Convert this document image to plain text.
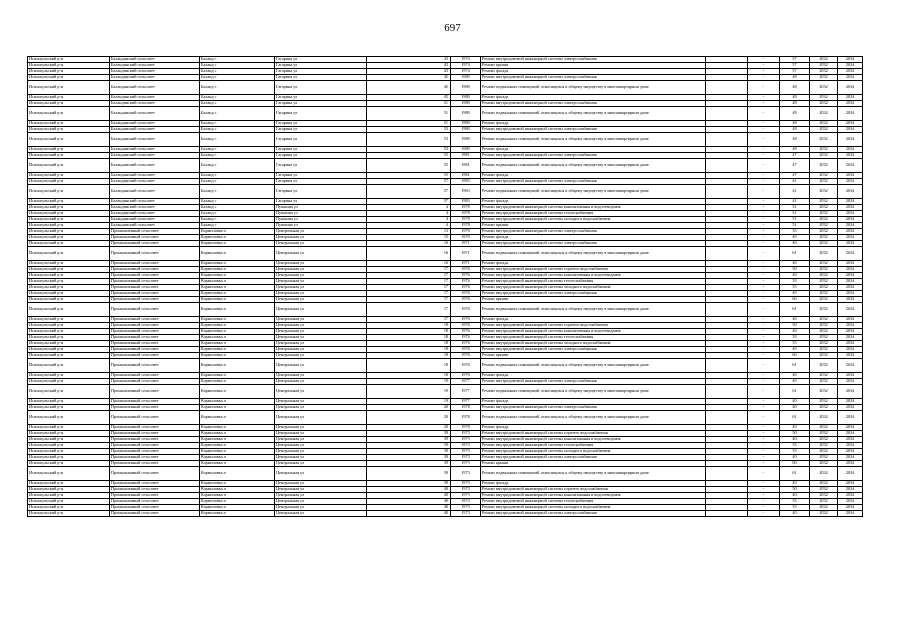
697
Исилькульский р-н	Баландинский сельсовет	Баланд с	Гагарина ул	43	1974	Ремонт внутридомовой инженерной системы электроснабжения		-	57	2032	2034
Исилькульский р-н	Баландинский сельсовет	Баланд с	Гагарина ул	43	1974	Ремонт крыши		-	57	2032	2034
Исилькульский р-н	Баландинский сельсовет	Баланд с	Гагарина ул	43	1974	Ремонт фасада		-	57	2032	2034
Исилькульский р-н	Баландинский сельсовет	Баланд с	Гагарина ул	45	1980	Ремонт внутридомовой инженерной системы электроснабжения		-	48	2032	2034
Исилькульский р-н	Баландинский сельсовет	Баланд с	Гагарина ул	45	1980	Ремонт подвальных помещений, относящихся к общему имуществу в многоквартирном доме		-	48	2032	2034
Исилькульский р-н	Баландинский сельсовет	Баланд с	Гагарина ул	45	1980	Ремонт фасада		-	48	2032	2034
Исилькульский р-н	Баландинский сельсовет	Баланд с	Гагарина ул	51	1980	Ремонт внутридомовой инженерной системы электроснабжения		-	48	2032	2034
Исилькульский р-н	Баландинский сельсовет	Баланд с	Гагарина ул	51	1980	Ремонт подвальных помещений, относящихся к общему имуществу в многоквартирном доме		-	48	2032	2034
Исилькульский р-н	Баландинский сельсовет	Баланд с	Гагарина ул	51	1980	Ремонт фасада		-	48	2032	2034
Исилькульский р-н	Баландинский сельсовет	Баланд с	Гагарина ул	53	1980	Ремонт внутридомовой инженерной системы электроснабжения		-	48	2032	2034
Исилькульский р-н	Баландинский сельсовет	Баланд с	Гагарина ул	53	1980	Ремонт подвальных помещений, относящихся к общему имуществу в многоквартирном доме		-	48	2032	2034
Исилькульский р-н	Баландинский сельсовет	Баланд с	Гагарина ул	53	1980	Ремонт фасада		-	48	2032	2034
Исилькульский р-н	Баландинский сельсовет	Баланд с	Гагарина ул	55	1981	Ремонт внутридомовой инженерной системы электроснабжения		-	47	2032	2034
Исилькульский р-н	Баландинский сельсовет	Баланд с	Гагарина ул	55	1981	Ремонт подвальных помещений, относящихся к общему имуществу в многоквартирном доме		-	47	2032	2034
Исилькульский р-н	Баландинский сельсовет	Баланд с	Гагарина ул	55	1981	Ремонт фасада		-	47	2032	2034
Исилькульский р-н	Баландинский сельсовет	Баланд с	Гагарина ул	57	1983	Ремонт внутридомовой инженерной системы электроснабжения		-	41	2032	2034
Исилькульский р-н	Баландинский сельсовет	Баланд с	Гагарина ул	57	1983	Ремонт подвальных помещений, относящихся к общему имуществу в многоквартирном доме		-	41	2032	2034
Исилькульский р-н	Баландинский сельсовет	Баланд с	Гагарина ул	57	1983	Ремонт фасада		-	41	2032	2034
Исилькульский р-н	Баландинский сельсовет	Баланд с	Пушкина ул	4	1978	Ремонт внутридомовой инженерной системы канализования и водоотведения		-	51	2032	2034
Исилькульский р-н	Баландинский сельсовет	Баланд с	Пушкина ул	4	1978	Ремонт внутридомовой инженерной системы теплоснабжения		-	51	2032	2034
Исилькульский р-н	Баландинский сельсовет	Баланд с	Пушкина ул	4	1978	Ремонт внутридомовой инженерной системы холодного водоснабжения		-	51	2032	2034
Исилькульский р-н	Баландинский сельсовет	Баланд с	Пушкина ул	4	1978	Ремонт крыши		-	51	2032	2034
Исилькульский р-н	Промышленный сельсовет	Кормиловка п	Центральная ул	13	1970	Ремонт внутридомовой инженерной системы электроснабжения		-	35	2032	2034
Исилькульский р-н	Промышленный сельсовет	Кормиловка п	Центральная ул	15	1970	Ремонт фасада		-	40	2032	2034
Исилькульский р-н	Промышленный сельсовет	Кормиловка п	Центральная ул	16	1971	Ремонт внутридомовой инженерной системы электроснабжения		-	40	2032	2034
Исилькульский р-н	Промышленный сельсовет	Кормиловка п	Центральная ул	16	1971	Ремонт подвальных помещений, относящихся к общему имуществу в многоквартирном доме		-	61	2032	2034
Исилькульский р-н	Промышленный сельсовет	Кормиловка п	Центральная ул	16	1971	Ремонт фасада		-	40	2032	2034
Исилькульский р-н	Промышленный сельсовет	Кормиловка п	Центральная ул	17	1976	Ремонт внутридомовой инженерной системы горячего водоснабжения		-	50	2032	2034
Исилькульский р-н	Промышленный сельсовет	Кормиловка п	Центральная ул	17	1976	Ремонт внутридомовой инженерной системы канализования и водоотведения		-	40	2032	2034
Исилькульский р-н	Промышленный сельсовет	Кормиловка п	Центральная ул	17	1976	Ремонт внутридомовой инженерной системы теплоснабжения		-	35	2032	2034
Исилькульский р-н	Промышленный сельсовет	Кормиловка п	Центральная ул	17	1976	Ремонт внутридомовой инженерной системы холодного водоснабжения		-	55	2032	2034
Исилькульский р-н	Промышленный сельсовет	Кормиловка п	Центральная ул	17	1976	Ремонт внутридомовой инженерной системы электроснабжения		-	40	2032	2034
Исилькульский р-н	Промышленный сельсовет	Кормиловка п	Центральная ул	17	1976	Ремонт крыши		-	60	2032	2034
Исилькульский р-н	Промышленный сельсовет	Кормиловка п	Центральная ул	17	1976	Ремонт подвальных помещений, относящихся к общему имуществу в многоквартирном доме		-	61	2032	2034
Исилькульский р-н	Промышленный сельсовет	Кормиловка п	Центральная ул	17	1976	Ремонт фасада		-	40	2032	2034
Исилькульский р-н	Промышленный сельсовет	Кормиловка п	Центральная ул	18	1976	Ремонт внутридомовой инженерной системы горячего водоснабжения		-	50	2032	2034
Исилькульский р-н	Промышленный сельсовет	Кормиловка п	Центральная ул	18	1976	Ремонт внутридомовой инженерной системы канализования и водоотведения		-	40	2032	2034
Исилькульский р-н	Промышленный сельсовет	Кормиловка п	Центральная ул	18	1976	Ремонт внутридомовой инженерной системы теплоснабжения		-	35	2032	2034
Исилькульский р-н	Промышленный сельсовет	Кормиловка п	Центральная ул	18	1976	Ремонт внутридомовой инженерной системы холодного водоснабжения		-	55	2032	2034
Исилькульский р-н	Промышленный сельсовет	Кормиловка п	Центральная ул	18	1976	Ремонт внутридомовой инженерной системы электроснабжения		-	40	2032	2034
Исилькульский р-н	Промышленный сельсовет	Кормиловка п	Центральная ул	18	1976	Ремонт крыши		-	60	2032	2034
Исилькульский р-н	Промышленный сельсовет	Кормиловка п	Центральная ул	18	1976	Ремонт подвальных помещений, относящихся к общему имуществу в многоквартирном доме		-	61	2032	2034
Исилькульский р-н	Промышленный сельсовет	Кормиловка п	Центральная ул	18	1976	Ремонт фасада		-	40	2032	2034
Исилькульский р-н	Промышленный сельсовет	Кормиловка п	Центральная ул	19	1977	Ремонт внутридомовой инженерной системы электроснабжения		-	40	2032	2034
Исилькульский р-н	Промышленный сельсовет	Кормиловка п	Центральная ул	19	1977	Ремонт подвальных помещений, относящихся к общему имуществу в многоквартирном доме		-	61	2032	2034
Исилькульский р-н	Промышленный сельсовет	Кормиловка п	Центральная ул	19	1977	Ремонт фасада		-	40	2032	2034
Исилькульский р-н	Промышленный сельсовет	Кормиловка п	Центральная ул	20	1978	Ремонт внутридомовой инженерной системы электроснабжения		-	40	2032	2034
Исилькульский р-н	Промышленный сельсовет	Кормиловка п	Центральная ул	20	1978	Ремонт подвальных помещений, относящихся к общему имуществу в многоквартирном доме		-	61	2032	2034
Исилькульский р-н	Промышленный сельсовет	Кормиловка п	Центральная ул	20	1978	Ремонт фасада		-	40	2032	2034
Исилькульский р-н	Промышленный сельсовет	Кормиловка п	Центральная ул	39	1973	Ремонт внутридомовой инженерной системы горячего водоснабжения		-	50	2032	2034
Исилькульский р-н	Промышленный сельсовет	Кормиловка п	Центральная ул	39	1973	Ремонт внутридомовой инженерной системы канализования и водоотведения		-	40	2032	2034
Исилькульский р-н	Промышленный сельсовет	Кормиловка п	Центральная ул	39	1973	Ремонт внутридомовой инженерной системы теплоснабжения		-	35	2032	2034
Исилькульский р-н	Промышленный сельсовет	Кормиловка п	Центральная ул	39	1973	Ремонт внутридомовой инженерной системы холодного водоснабжения		-	55	2032	2034
Исилькульский р-н	Промышленный сельсовет	Кормиловка п	Центральная ул	39	1973	Ремонт внутридомовой инженерной системы электроснабжения		-	40	2032	2034
Исилькульский р-н	Промышленный сельсовет	Кормиловка п	Центральная ул	39	1973	Ремонт крыши		-	60	2032	2034
Исилькульский р-н	Промышленный сельсовет	Кормиловка п	Центральная ул	39	1973	Ремонт подвальных помещений, относящихся к общему имуществу в многоквартирном доме		-	61	2032	2034
Исилькульский р-н	Промышленный сельсовет	Кормиловка п	Центральная ул	39	1973	Ремонт фасада		-	40	2032	2034
Исилькульский р-н	Промышленный сельсовет	Кормиловка п	Центральная ул	40	1973	Ремонт внутридомовой инженерной системы горячего водоснабжения		-	50	2032	2034
Исилькульский р-н	Промышленный сельсовет	Кормиловка п	Центральная ул	40	1973	Ремонт внутридомовой инженерной системы канализования и водоотведения		-	40	2032	2034
Исилькульский р-н	Промышленный сельсовет	Кормиловка п	Центральная ул	40	1973	Ремонт внутридомовой инженерной системы теплоснабжения		-	35	2032	2034
Исилькульский р-н	Промышленный сельсовет	Кормиловка п	Центральная ул	40	1973	Ремонт внутридомовой инженерной системы холодного водоснабжения		-	55	2032	2034
Исилькульский р-н	Промышленный сельсовет	Кормиловка п	Центральная ул	40	1973	Ремонт внутридомовой инженерной системы электроснабжения		-	40	2032	2034
